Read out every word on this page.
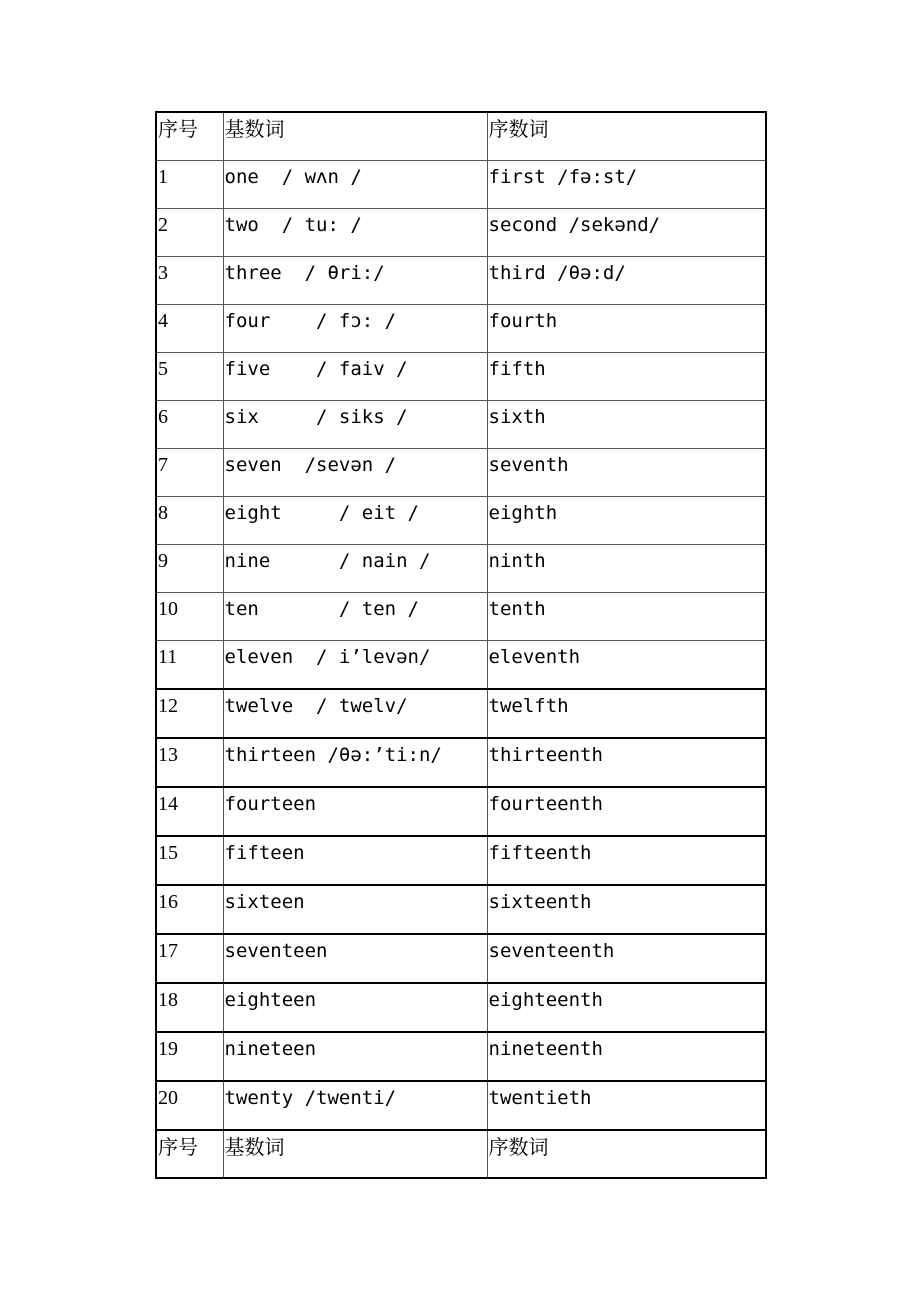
序号	基数词	序数词

1	one  / wʌn /	first /fə:st/

2	two  / tu: /	second /sekənd/

3	three  / θri:/	third /θə:d/

4	four    / fɔ: /	fourth

5	five    / faiv /	fifth

6	six     / siks /	sixth

7	seven  /sevən /	seventh

8	eight     / eit /	eighth

9	nine      / nain /	ninth

10	ten       / ten /	tenth

11	eleven  / i’levən/	eleventh

12	twelve  / twelv/	twelfth

13	thirteen /θə:’ti:n/	thirteenth

14	fourteen	fourteenth

15	fifteen	fifteenth

16	sixteen	sixteenth

17	seventeen	seventeenth

18	eighteen	eighteenth

19	nineteen	nineteenth

20	twenty /twenti/	twentieth

序号	基数词	序数词
